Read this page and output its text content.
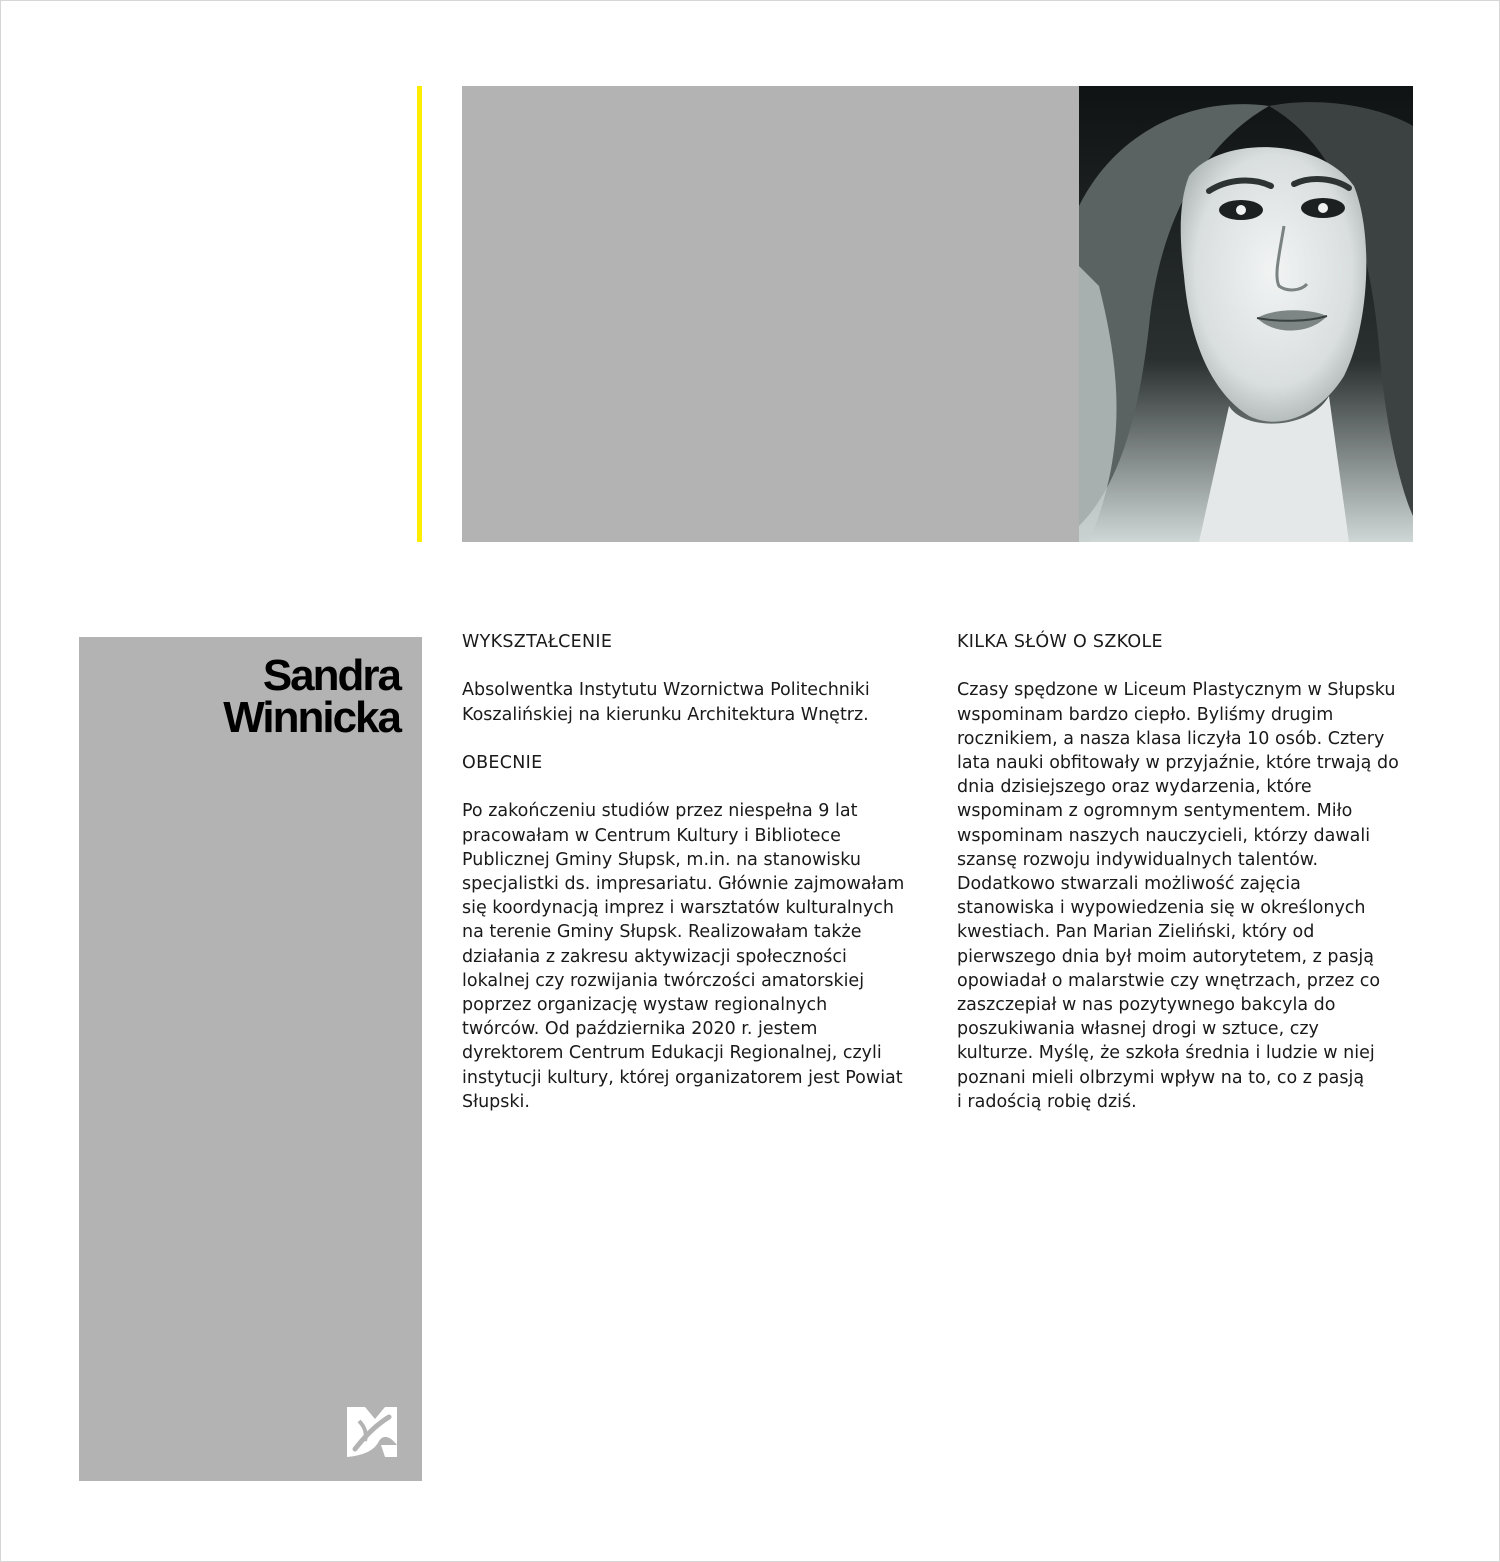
Sandra
Winnicka
WYKSZTAŁCENIE

Absolwentka Instytutu Wzornictwa Politechniki
Koszalińskiej na kierunku Architektura Wnętrz.

OBECNIE

Po zakończeniu studiów przez niespełna 9 lat
pracowałam w Centrum Kultury i Bibliotece
Publicznej Gminy Słupsk, m.in. na stanowisku
specjalistki ds. impresariatu. Głównie zajmowałam
się koordynacją imprez i warsztatów kulturalnych
na terenie Gminy Słupsk. Realizowałam także
działania z zakresu aktywizacji społeczności
lokalnej czy rozwijania twórczości amatorskiej
poprzez organizację wystaw regionalnych
twórców. Od października 2020 r. jestem
dyrektorem Centrum Edukacji Regionalnej, czyli
instytucji kultury, której organizatorem jest Powiat
Słupski.

KILKA SŁÓW O SZKOLE

Czasy spędzone w Liceum Plastycznym w Słupsku
wspominam bardzo ciepło. Byliśmy drugim
rocznikiem, a nasza klasa liczyła 10 osób. Cztery
lata nauki obfitowały w przyjaźnie, które trwają do
dnia dzisiejszego oraz wydarzenia, które
wspominam z ogromnym sentymentem. Miło
wspominam naszych nauczycieli, którzy dawali
szansę rozwoju indywidualnych talentów.
Dodatkowo stwarzali możliwość zajęcia
stanowiska i wypowiedzenia się w określonych
kwestiach. Pan Marian Zieliński, który od
pierwszego dnia był moim autorytetem, z pasją
opowiadał o malarstwie czy wnętrzach, przez co
zaszczepiał w nas pozytywnego bakcyla do
poszukiwania własnej drogi w sztuce, czy
kulturze. Myślę, że szkoła średnia i ludzie w niej
poznani mieli olbrzymi wpływ na to, co z pasją
i radością robię dziś.
